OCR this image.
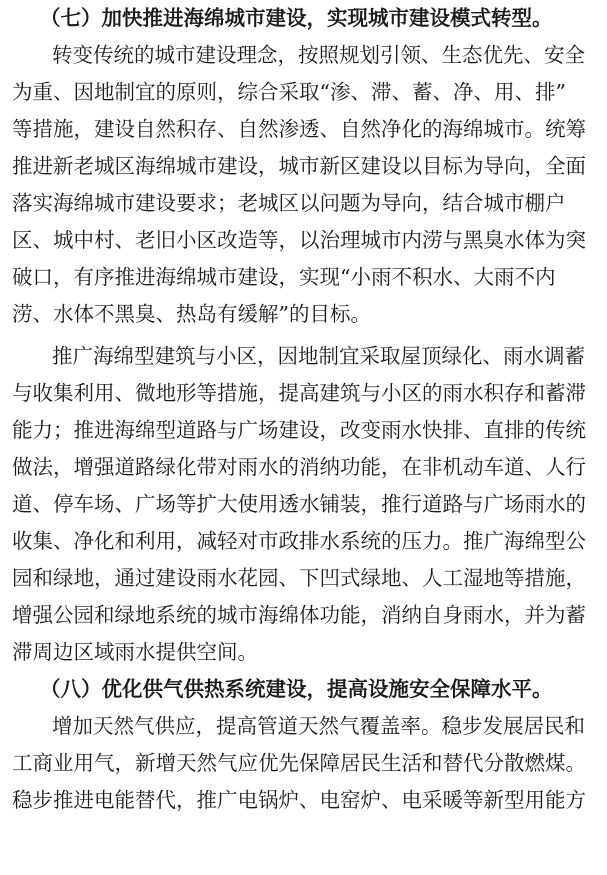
（七）加快推进海绵城市建设，实现城市建设模式转型。
转变传统的城市建设理念，按照规划引领、生态优先、安全
为重、因地制宜的原则，综合采取“渗、滞、蓄、净、用、排”
等措施，建设自然积存、自然渗透、自然净化的海绵城市。统筹
推进新老城区海绵城市建设，城市新区建设以目标为导向，全面
落实海绵城市建设要求；老城区以问题为导向，结合城市棚户
区、城中村、老旧小区改造等，以治理城市内涝与黑臭水体为突
破口，有序推进海绵城市建设，实现“小雨不积水、大雨不内
涝、水体不黑臭、热岛有缓解”的目标。
推广海绵型建筑与小区，因地制宜采取屋顶绿化、雨水调蓄
与收集利用、微地形等措施，提高建筑与小区的雨水积存和蓄滞
能力；推进海绵型道路与广场建设，改变雨水快排、直排的传统
做法，增强道路绿化带对雨水的消纳功能，在非机动车道、人行
道、停车场、广场等扩大使用透水铺装，推行道路与广场雨水的
收集、净化和利用，减轻对市政排水系统的压力。推广海绵型公
园和绿地，通过建设雨水花园、下凹式绿地、人工湿地等措施，
增强公园和绿地系统的城市海绵体功能，消纳自身雨水，并为蓄
滞周边区域雨水提供空间。
（八）优化供气供热系统建设，提高设施安全保障水平。
增加天然气供应，提高管道天然气覆盖率。稳步发展居民和
工商业用气，新增天然气应优先保障居民生活和替代分散燃煤。
稳步推进电能替代，推广电锅炉、电窑炉、电采暖等新型用能方
